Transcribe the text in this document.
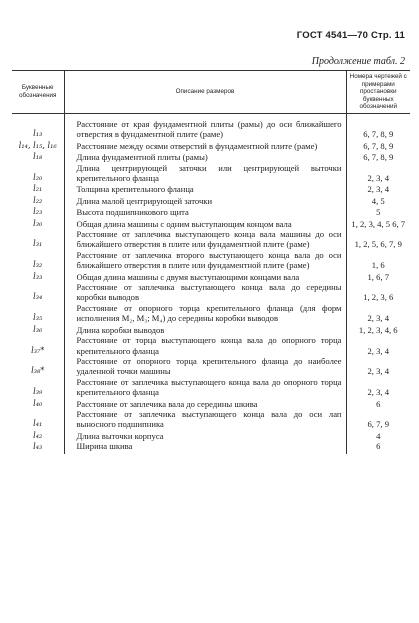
ГОСТ 4541—70 Стр. 11
Продолжение табл. 2
Буквенные обозначения	Описание размеров	Номера чертежей с примерами простановки буквенных обозначений

l₁₃	Расстояние от края фундаментной плиты (рамы) до оси ближайшего отверстия в фундаментной плите (раме)	6, 7, 8, 9
l₁₄, l₁₅, l₁₆	Расстояние между осями отверстий в фундаментной плите (раме)	6, 7, 8, 9
l₁₈	Длина фундаментной плиты (рамы)	6, 7, 8, 9
l₂₀	Длина центрирующей заточки или центрирующей выточки крепительного фланца	2, 3, 4
l₂₁	Толщина крепительного фланца	2, 3, 4
l₂₂	Длина малой центрирующей заточки	4, 5
l₂₃	Высота подшипникового щита	5
l₃₀	Общая длина машины с одним выступающим концом вала	1, 2, 3, 4, 5 6, 7
l₃₁	Расстояние от заплечика выступающего конца вала машины до оси ближайшего отверстия в плите или фундаментной плите (раме)	1, 2, 5, 6, 7, 9
l₃₂	Расстояние от заплечика второго выступающего конца вала до оси ближайшего отверстия в плите или фундаментной плите (раме)	1, 6
l₃₃	Общая длина машины с двумя выступающими концами вала	1, 6, 7
l₃₄	Расстояние от заплечика выступающего конца вала до середины коробки выводов	1, 2, 3, 6
l₃₅	Расстояние от опорного торца крепительного фланца (для форм исполнения M₂, M₃; M₄) до середины коробки выводов	2, 3, 4
l₃₆	Длина коробки выводов	1, 2, 3, 4, 6
l₃₇*	Расстояние от торца выступающего конца вала до опорного торца крепительного фланца	2, 3, 4
l₃₈*	Расстояние от опорного торца крепительного фланца до наиболее удаленной точки машины	2, 3, 4
l₃₉	Расстояние от заплечика выступающего конца вала до опорного торца крепительного фланца	2, 3, 4
l₄₀	Расстояние от заплечика вала до середины шкива	6
l₄₁	Расстояние от заплечика выступающего конца вала до оси лап выносного подшипника	6, 7, 9
l₄₂	Длина выточки корпуса	4
l₄₃	Ширина шкива	6
